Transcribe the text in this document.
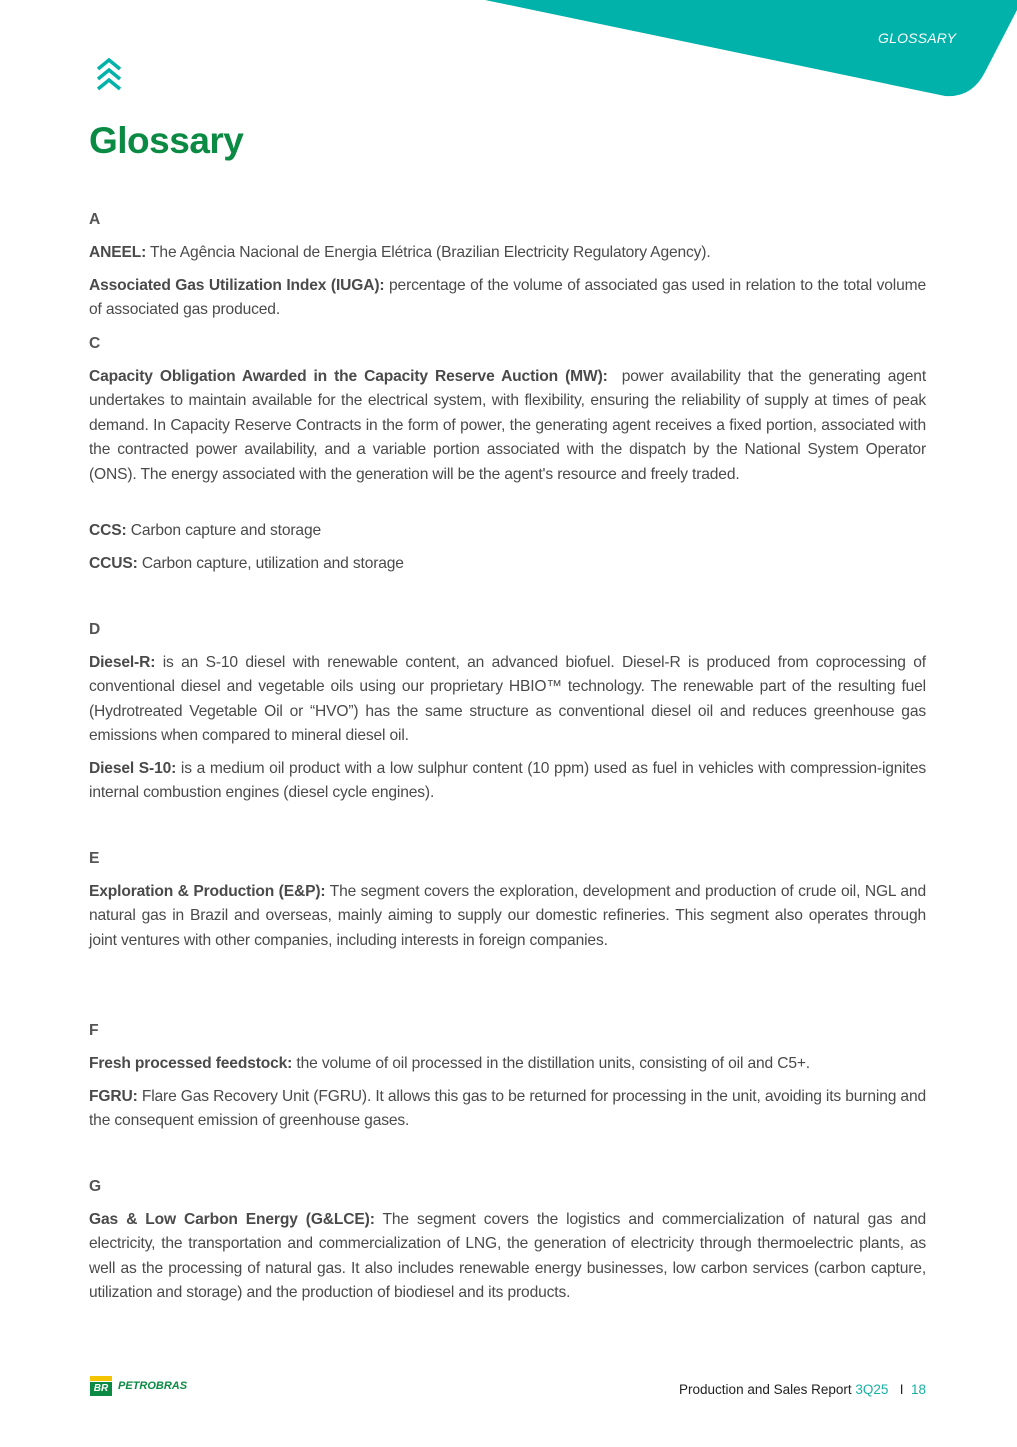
GLOSSARY
Glossary
A
ANEEL: The Agência Nacional de Energia Elétrica (Brazilian Electricity Regulatory Agency).
Associated Gas Utilization Index (IUGA): percentage of the volume of associated gas used in relation to the total volume of associated gas produced.
C
Capacity Obligation Awarded in the Capacity Reserve Auction (MW):  power availability that the generating agent undertakes to maintain available for the electrical system, with flexibility, ensuring the reliability of supply at times of peak demand. In Capacity Reserve Contracts in the form of power, the generating agent receives a fixed portion, associated with the contracted power availability, and a variable portion associated with the dispatch by the National System Operator (ONS). The energy associated with the generation will be the agent's resource and freely traded.
CCS: Carbon capture and storage
CCUS: Carbon capture, utilization and storage
D
Diesel-R: is an S-10 diesel with renewable content, an advanced biofuel. Diesel-R is produced from coprocessing of conventional diesel and vegetable oils using our proprietary HBIO™ technology. The renewable part of the resulting fuel (Hydrotreated Vegetable Oil or “HVO”) has the same structure as conventional diesel oil and reduces greenhouse gas emissions when compared to mineral diesel oil.
Diesel S-10: is a medium oil product with a low sulphur content (10 ppm) used as fuel in vehicles with compression-ignites internal combustion engines (diesel cycle engines).
E
Exploration & Production (E&P): The segment covers the exploration, development and production of crude oil, NGL and natural gas in Brazil and overseas, mainly aiming to supply our domestic refineries. This segment also operates through joint ventures with other companies, including interests in foreign companies.
F
Fresh processed feedstock: the volume of oil processed in the distillation units, consisting of oil and C5+.
FGRU: Flare Gas Recovery Unit (FGRU). It allows this gas to be returned for processing in the unit, avoiding its burning and the consequent emission of greenhouse gases.
G
Gas & Low Carbon Energy (G&LCE): The segment covers the logistics and commercialization of natural gas and electricity, the transportation and commercialization of LNG, the generation of electricity through thermoelectric plants, as well as the processing of natural gas. It also includes renewable energy businesses, low carbon services (carbon capture, utilization and storage) and the production of biodiesel and its products.
BR PETROBRAS	Production and Sales Report 3Q25 I 18
